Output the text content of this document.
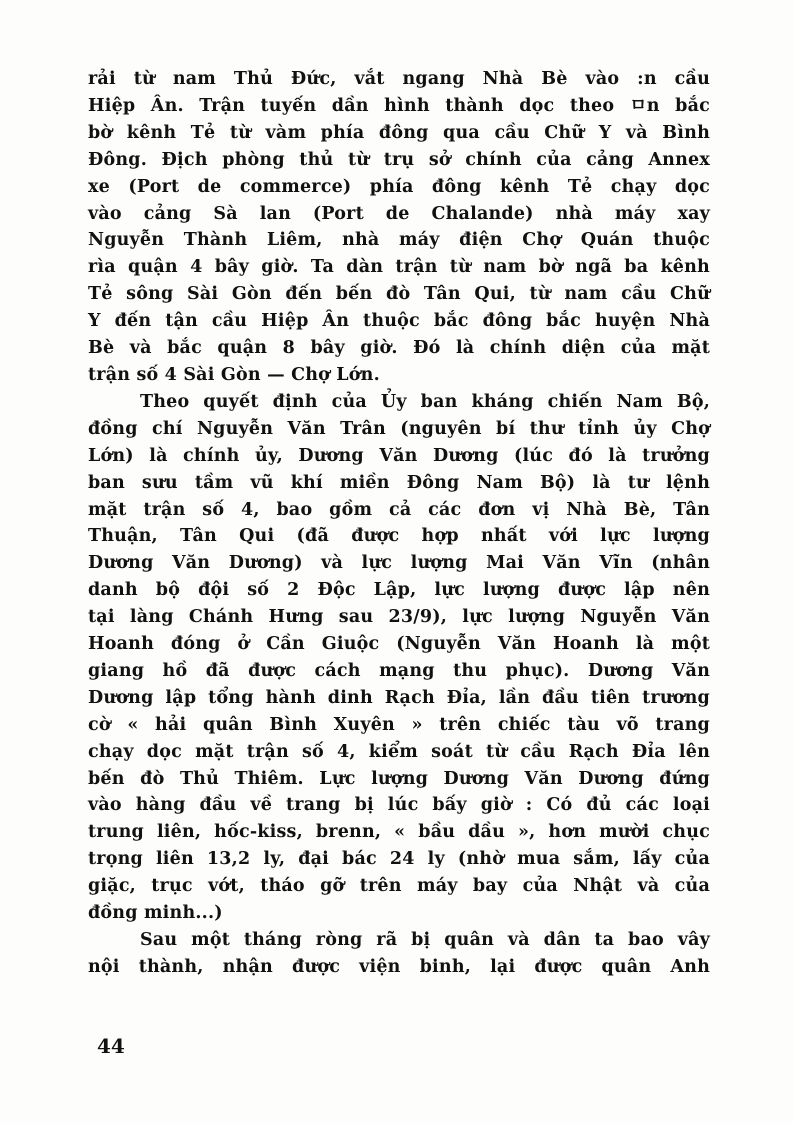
rải từ nam Thủ Đức, vắt ngang Nhà Bè vào :n cầu
Hiệp Ân. Trận tuyến dần hình thành dọc theo ㅁn bắc
bờ kênh Tẻ từ vàm phía đông qua cầu Chữ Y và Bình
Đông. Địch phòng thủ từ trụ sở chính của cảng Annex
xe (Port de commerce) phía đông kênh Tẻ chạy dọc
vào cảng Sà lan (Port de Chalande) nhà máy xay
Nguyễn Thành Liêm, nhà máy điện Chợ Quán thuộc
rìa quận 4 bây giờ. Ta dàn trận từ nam bờ ngã ba kênh
Tẻ sông Sài Gòn đến bến đò Tân Qui, từ nam cầu Chữ
Y đến tận cầu Hiệp Ân thuộc bắc đông bắc huyện Nhà
Bè và bắc quận 8 bây giờ. Đó là chính diện của mặt
trận số 4 Sài Gòn — Chợ Lớn.

Theo quyết định của Ủy ban kháng chiến Nam Bộ,
đồng chí Nguyễn Văn Trân (nguyên bí thư tỉnh ủy Chợ
Lớn) là chính ủy, Dương Văn Dương (lúc đó là trưởng
ban sưu tầm vũ khí miền Đông Nam Bộ) là tư lệnh
mặt trận số 4, bao gồm cả các đơn vị Nhà Bè, Tân
Thuận, Tân Qui (đã được hợp nhất với lực lượng
Dương Văn Dương) và lực lượng Mai Văn Vĩn (nhân
danh bộ đội số 2 Độc Lập, lực lượng được lập nên
tại làng Chánh Hưng sau 23/9), lực lượng Nguyễn Văn
Hoanh đóng ở Cần Giuộc (Nguyễn Văn Hoanh là một
giang hồ đã được cách mạng thu phục). Dương Văn
Dương lập tổng hành dinh Rạch Đỉa, lần đầu tiên trương
cờ « hải quân Bình Xuyên » trên chiếc tàu võ trang
chạy dọc mặt trận số 4, kiểm soát từ cầu Rạch Đỉa lên
bến đò Thủ Thiêm. Lực lượng Dương Văn Dương đứng
vào hàng đầu về trang bị lúc bấy giờ : Có đủ các loại
trung liên, hốc-kiss, brenn, « bầu dầu », hơn mười chục
trọng liên 13,2 ly, đại bác 24 ly (nhờ mua sắm, lấy của
giặc, trục vớt, tháo gỡ trên máy bay của Nhật và của
đồng minh...)

Sau một tháng ròng rã bị quân và dân ta bao vây
nội thành, nhận được viện binh, lại được quân Anh

44
